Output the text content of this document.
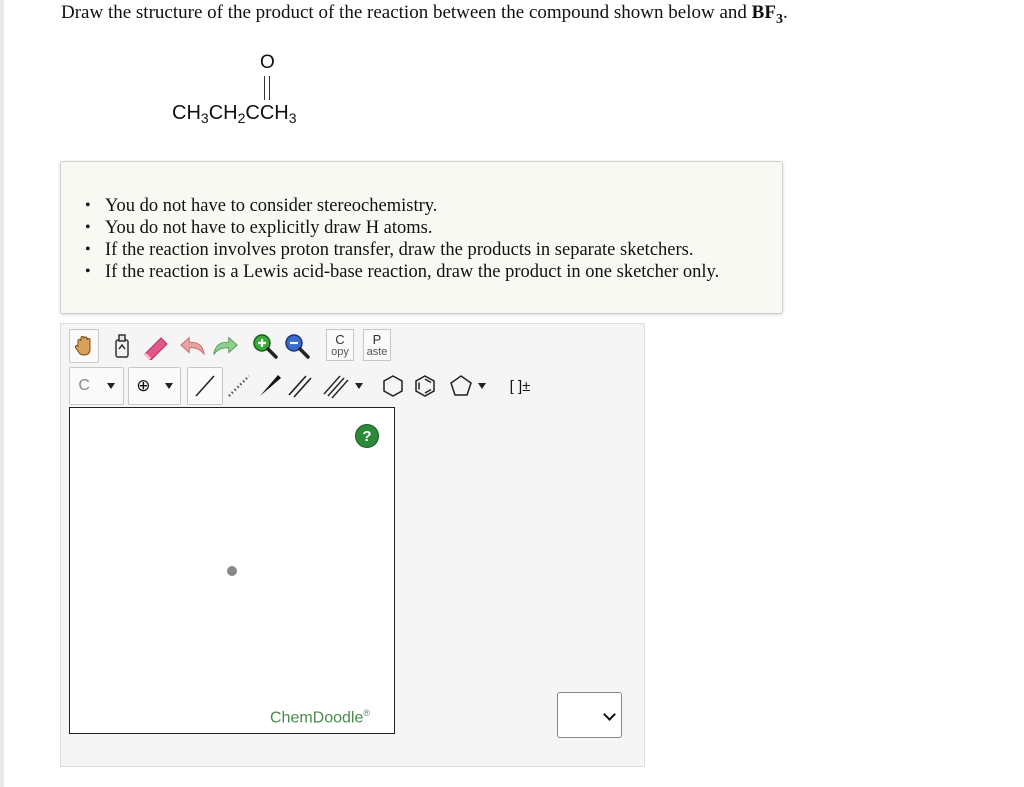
Draw the structure of the product of the reaction between the compound shown below and $BF_3$.
O
$CH_3CH_2CCH_3$
• You do not have to consider stereochemistry.
• You do not have to explicitly draw H atoms.
• If the reaction involves proton transfer, draw the products in separate sketchers.
• If the reaction is a Lewis acid-base reaction, draw the product in one sketcher only.
C
opy
P
aste
C	⊕	[ ]±
?
ChemDoodle®
